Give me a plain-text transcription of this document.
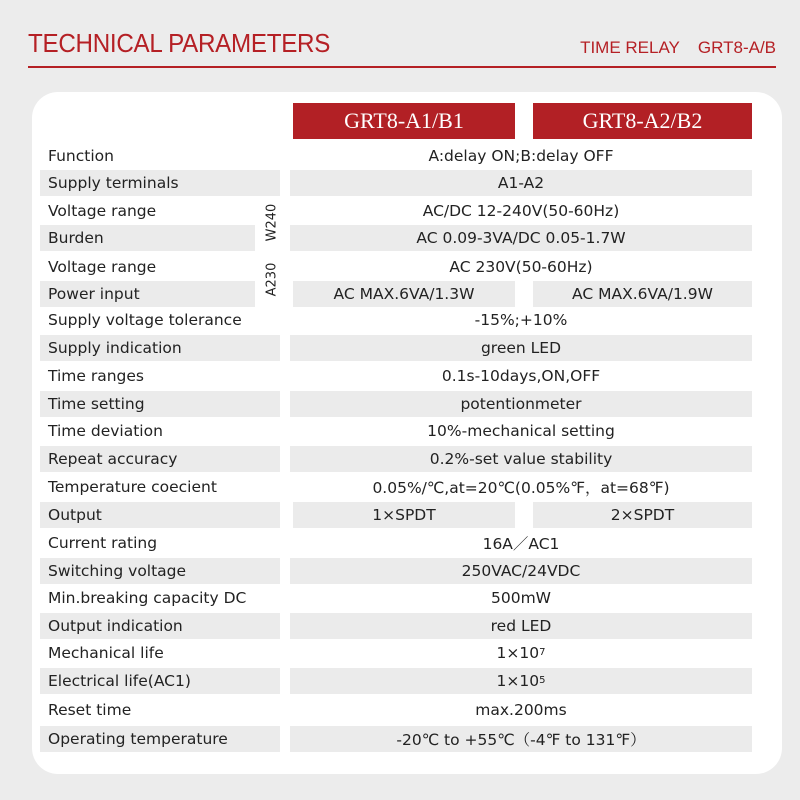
TECHNICAL PARAMETERS	TIME RELAY GRT8-A/B
GRT8-A1/B1	GRT8-A2/B2
W240
A230
Function	A:delay ON;B:delay OFF
Supply terminals	A1-A2
Voltage range	AC/DC 12-240V(50-60Hz)
Burden	AC 0.09-3VA/DC 0.05-1.7W
Voltage range	AC 230V(50-60Hz)
Power input	AC MAX.6VA/1.3W	AC MAX.6VA/1.9W
Supply voltage tolerance	-15%;+10%
Supply indication	green LED
Time ranges	0.1s-10days,ON,OFF
Time setting	potentionmeter
Time deviation	10%-mechanical setting
Repeat accuracy	0.2%-set value stability
Temperature coecient	0.05%/℃,at=20℃(0.05%℉，at=68℉)
Output	1×SPDT	2×SPDT
Current rating	16A／AC1
Switching voltage	250VAC/24VDC
Min.breaking capacity DC	500mW
Output indication	red LED
Mechanical life	1×10 7
Electrical life(AC1)	1×10 5
Reset time	max.200ms
Operating temperature	-20℃ to +55℃（-4℉ to 131℉）
